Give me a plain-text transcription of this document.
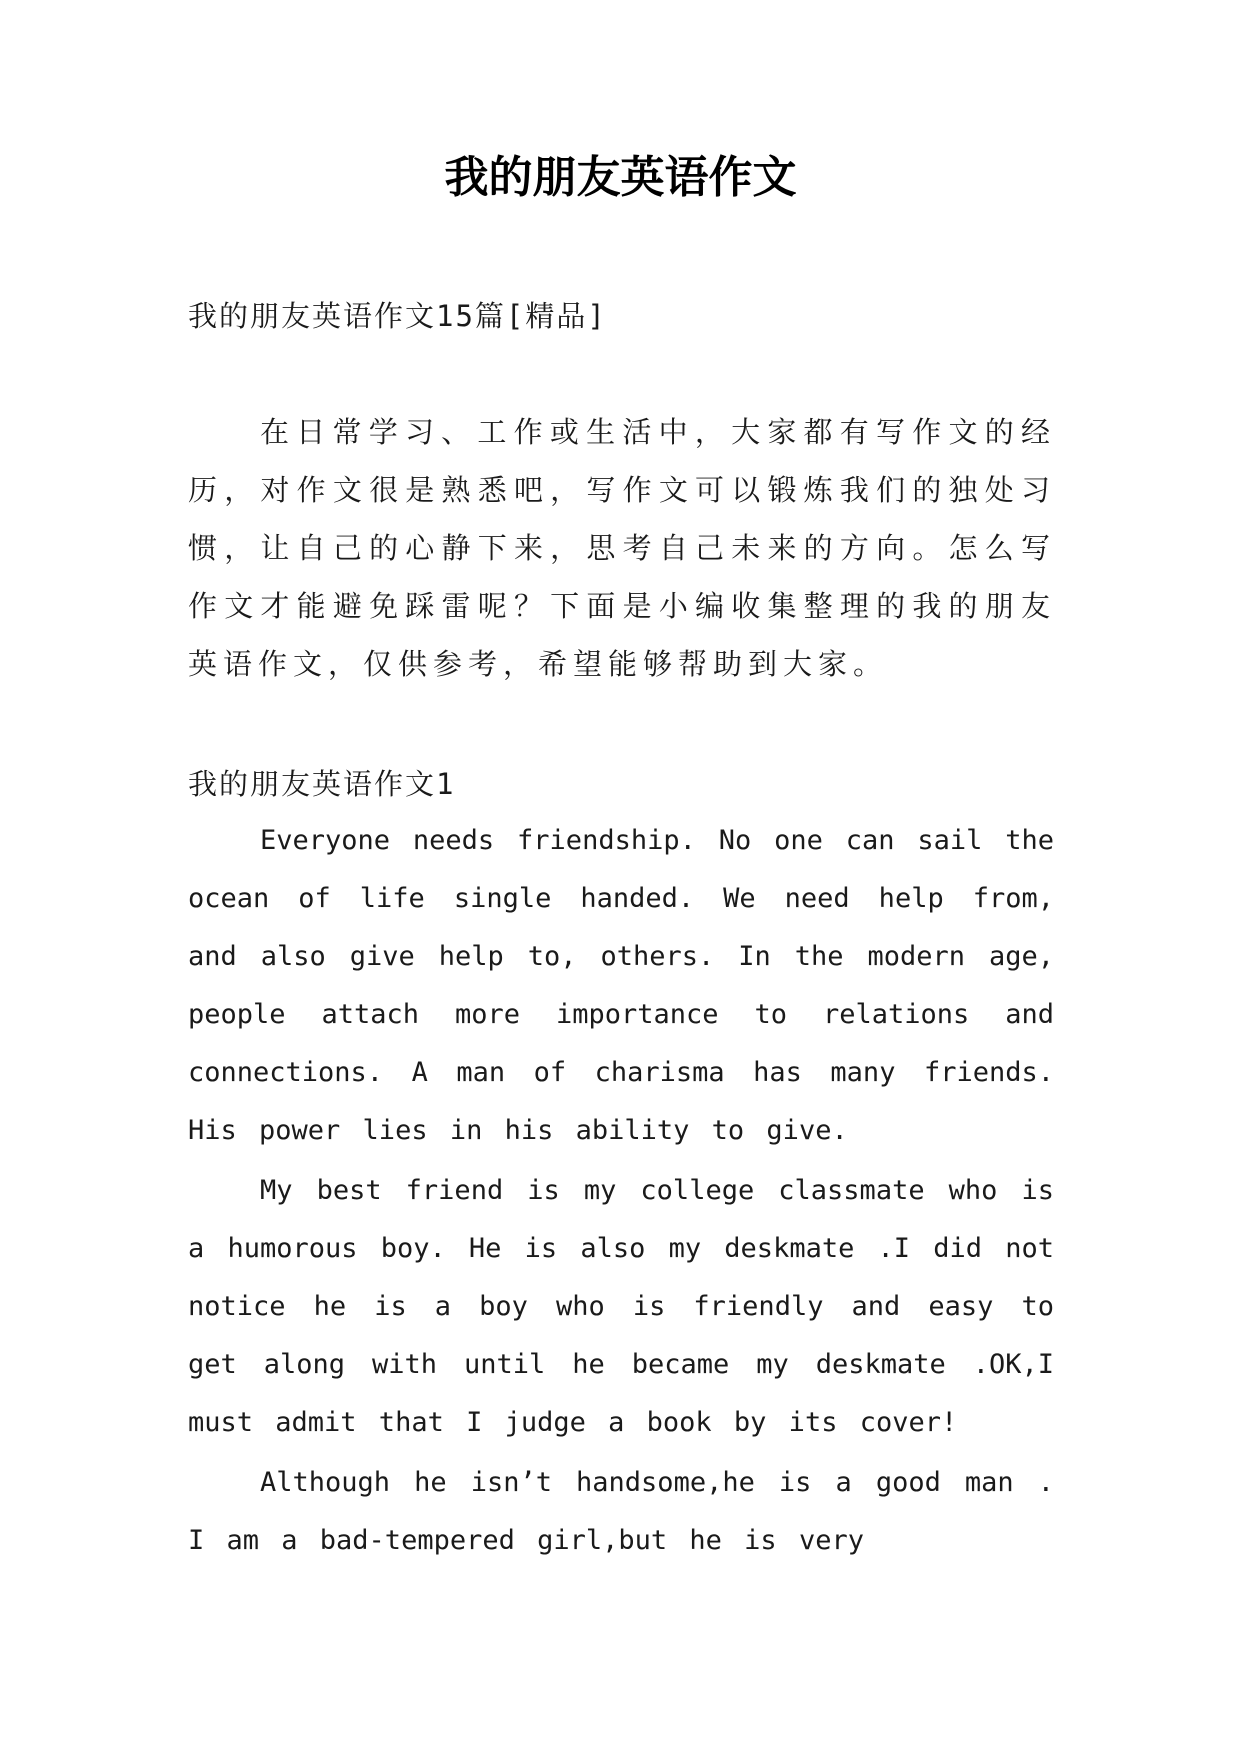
我的朋友英语作文

我的朋友英语作文15篇[精品]

在日常学习、工作或生活中，大家都有写作文的经历，对作文很是熟悉吧，写作文可以锻炼我们的独处习惯，让自己的心静下来，思考自己未来的方向。怎么写作文才能避免踩雷呢？下面是小编收集整理的我的朋友英语作文，仅供参考，希望能够帮助到大家。

我的朋友英语作文1

Everyone needs friendship. No one can sail the ocean of life single handed. We need help from, and also give help to, others. In the modern age, people attach more importance to relations and connections. A man of charisma has many friends. His power lies in his ability to give.

My best friend is my college classmate who is a humorous boy. He is also my deskmate .I did not notice he is a boy who is friendly and easy to get along with until he became my deskmate .OK,I must admit that I judge a book by its cover!

Although he isn’t handsome,he is a good man . I am a bad-tempered girl,but he is very
